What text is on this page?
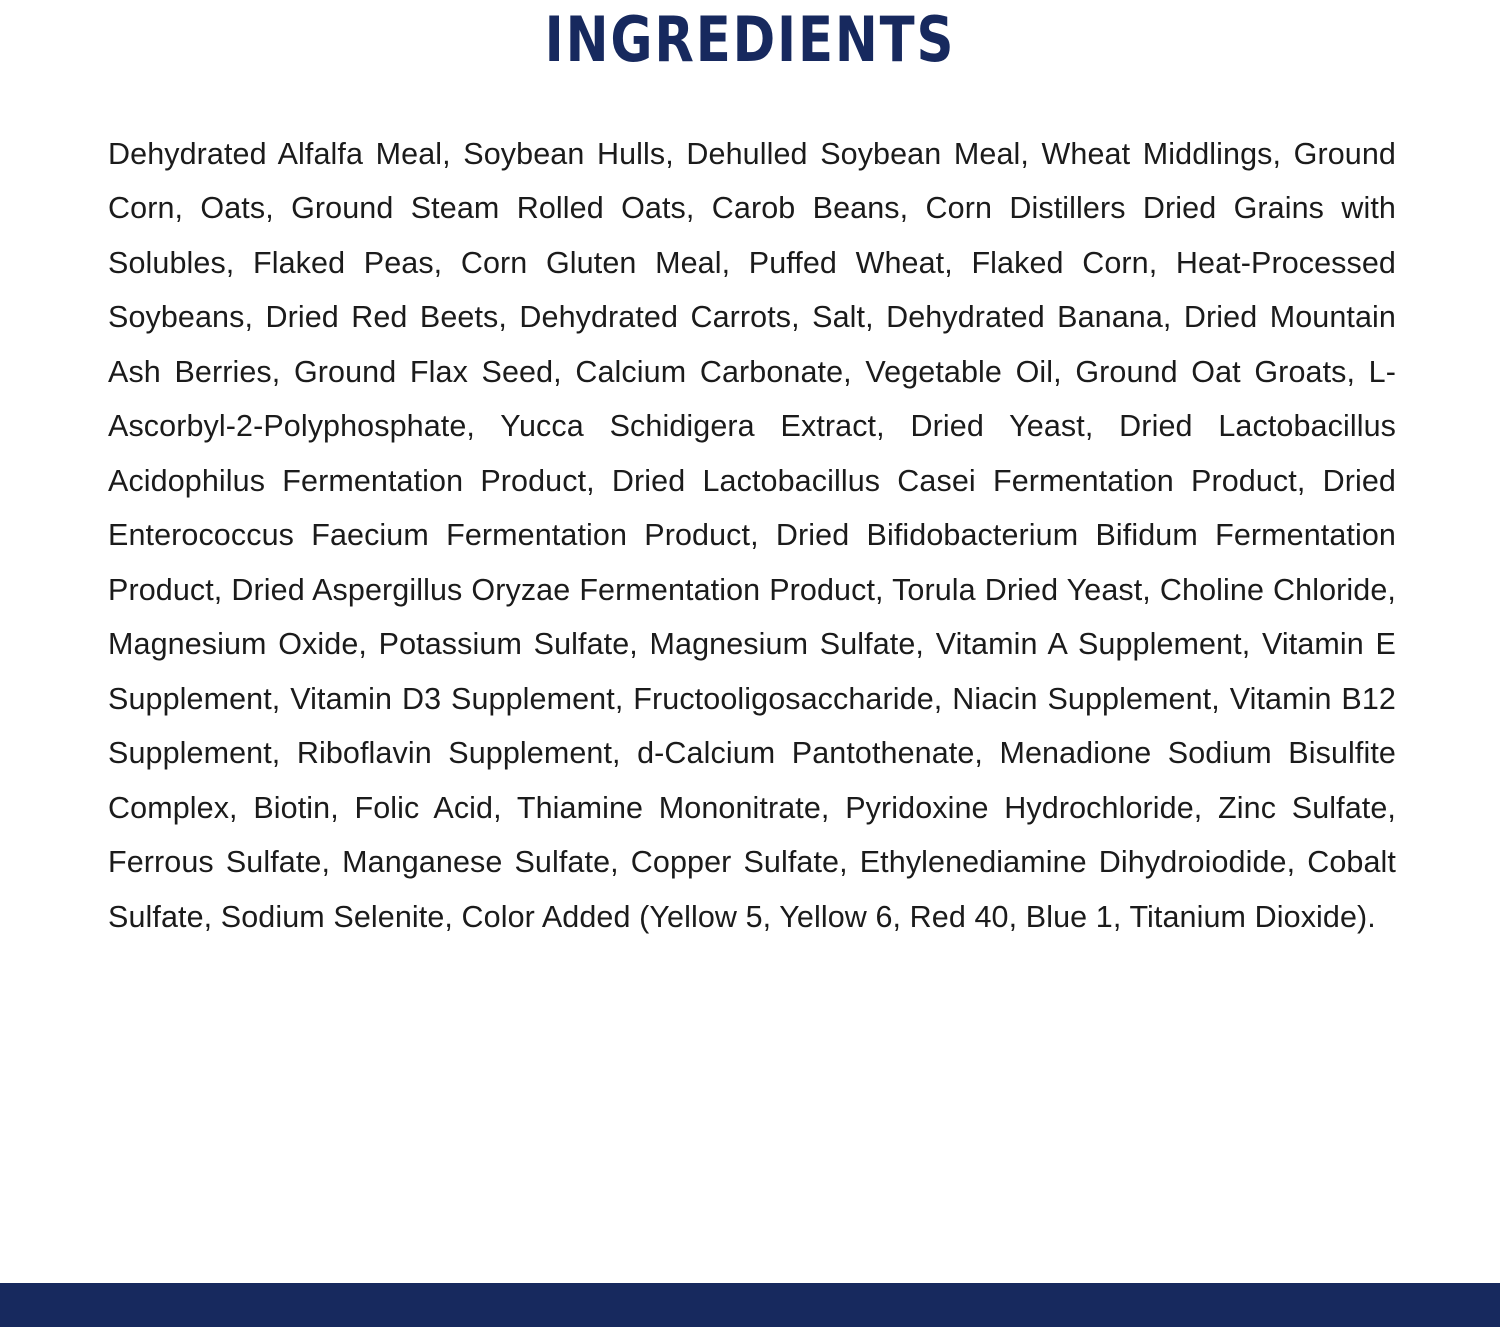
INGREDIENTS

Dehydrated Alfalfa Meal, Soybean Hulls, Dehulled Soybean Meal, Wheat Middlings, Ground Corn, Oats, Ground Steam Rolled Oats, Carob Beans, Corn Distillers Dried Grains with Solubles, Flaked Peas, Corn Gluten Meal, Puffed Wheat, Flaked Corn, Heat-Processed Soybeans, Dried Red Beets, Dehydrated Carrots, Salt, Dehydrated Banana, Dried Mountain Ash Berries, Ground Flax Seed, Calcium Carbonate, Vegetable Oil, Ground Oat Groats, L-Ascorbyl-2-Polyphosphate, Yucca Schidigera Extract, Dried Yeast, Dried Lactobacillus Acidophilus Fermentation Product, Dried Lactobacillus Casei Fermentation Product, Dried Enterococcus Faecium Fermentation Product, Dried Bifidobacterium Bifidum Fermentation Product, Dried Aspergillus Oryzae Fermentation Product, Torula Dried Yeast, Choline Chloride, Magnesium Oxide, Potassium Sulfate, Magnesium Sulfate, Vitamin A Supplement, Vitamin E Supplement, Vitamin D3 Supplement, Fructooligosaccharide, Niacin Supplement, Vitamin B12 Supplement, Riboflavin Supplement, d-Calcium Pantothenate, Menadione Sodium Bisulfite Complex, Biotin, Folic Acid, Thiamine Mononitrate, Pyridoxine Hydrochloride, Zinc Sulfate, Ferrous Sulfate, Manganese Sulfate, Copper Sulfate, Ethylenediamine Dihydroiodide, Cobalt Sulfate, Sodium Selenite, Color Added (Yellow 5, Yellow 6, Red 40, Blue 1, Titanium Dioxide).
